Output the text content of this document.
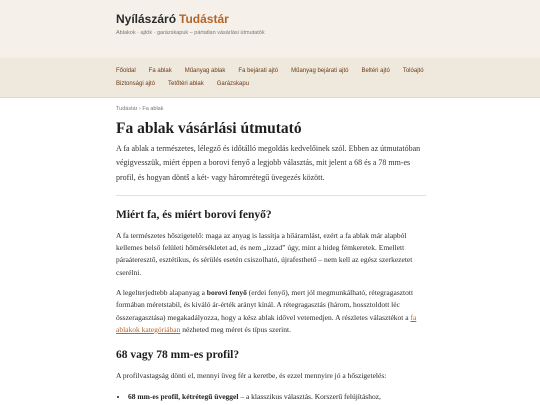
Nyílászáró Tudástár
Ablakok · ajtók · garázskapuk – pártatlan vásárlási útmutatók
Főoldal Fa ablak Műanyag ablak Fa bejárati ajtó Műanyag bejárati ajtó Beltéri ajtó Tolóajtó
Biztonsági ajtó Tetőtéri ablak Garázskapu
Tudástár › Fa ablak
Fa ablak vásárlási útmutató

A fa ablak a természetes, lélegző és időtálló megoldás kedvelőinek szól. Ebben az útmutatóban végigvesszük, miért éppen a borovi fenyő a legjobb választás, mit jelent a 68 és a 78 mm-es profil, és hogyan döntš a két- vagy háromrétegű üvegezés között.

Miért fa, és miért borovi fenyő?

A fa természetes hőszigetelő: maga az anyag is lassítja a hőáramlást, ezért a fa ablak már alapból kellemes belső felületi hőmérsékletet ad, és nem „izzad” úgy, mint a hideg fémkeretek. Emellett páraáteresztő, esztétikus, és sérülés esetén csiszolható, újrafesthető – nem kell az egész szerkezetet cserélni.

A legelterjedtebb alapanyag a borovi fenyő (erdei fenyő), mert jól megmunkálható, rétegragasztott formában méretstabil, és kiváló ár-érték arányt kínál. A rétegragasztás (három, hossztoldott léc összeragasztása) megakadályozza, hogy a kész ablak idővel vetemedjen. A részletes választékot a fa ablakok kategóriában nézheted meg méret és típus szerint.

68 vagy 78 mm-es profil?

A profilvastagság dönti el, mennyi üveg fér a keretbe, és ezzel mennyire jó a hőszigetelés:

• 68 mm-es profil, kétrétegű üveggel – a klasszikus választás. Korszerű felújításhoz,
